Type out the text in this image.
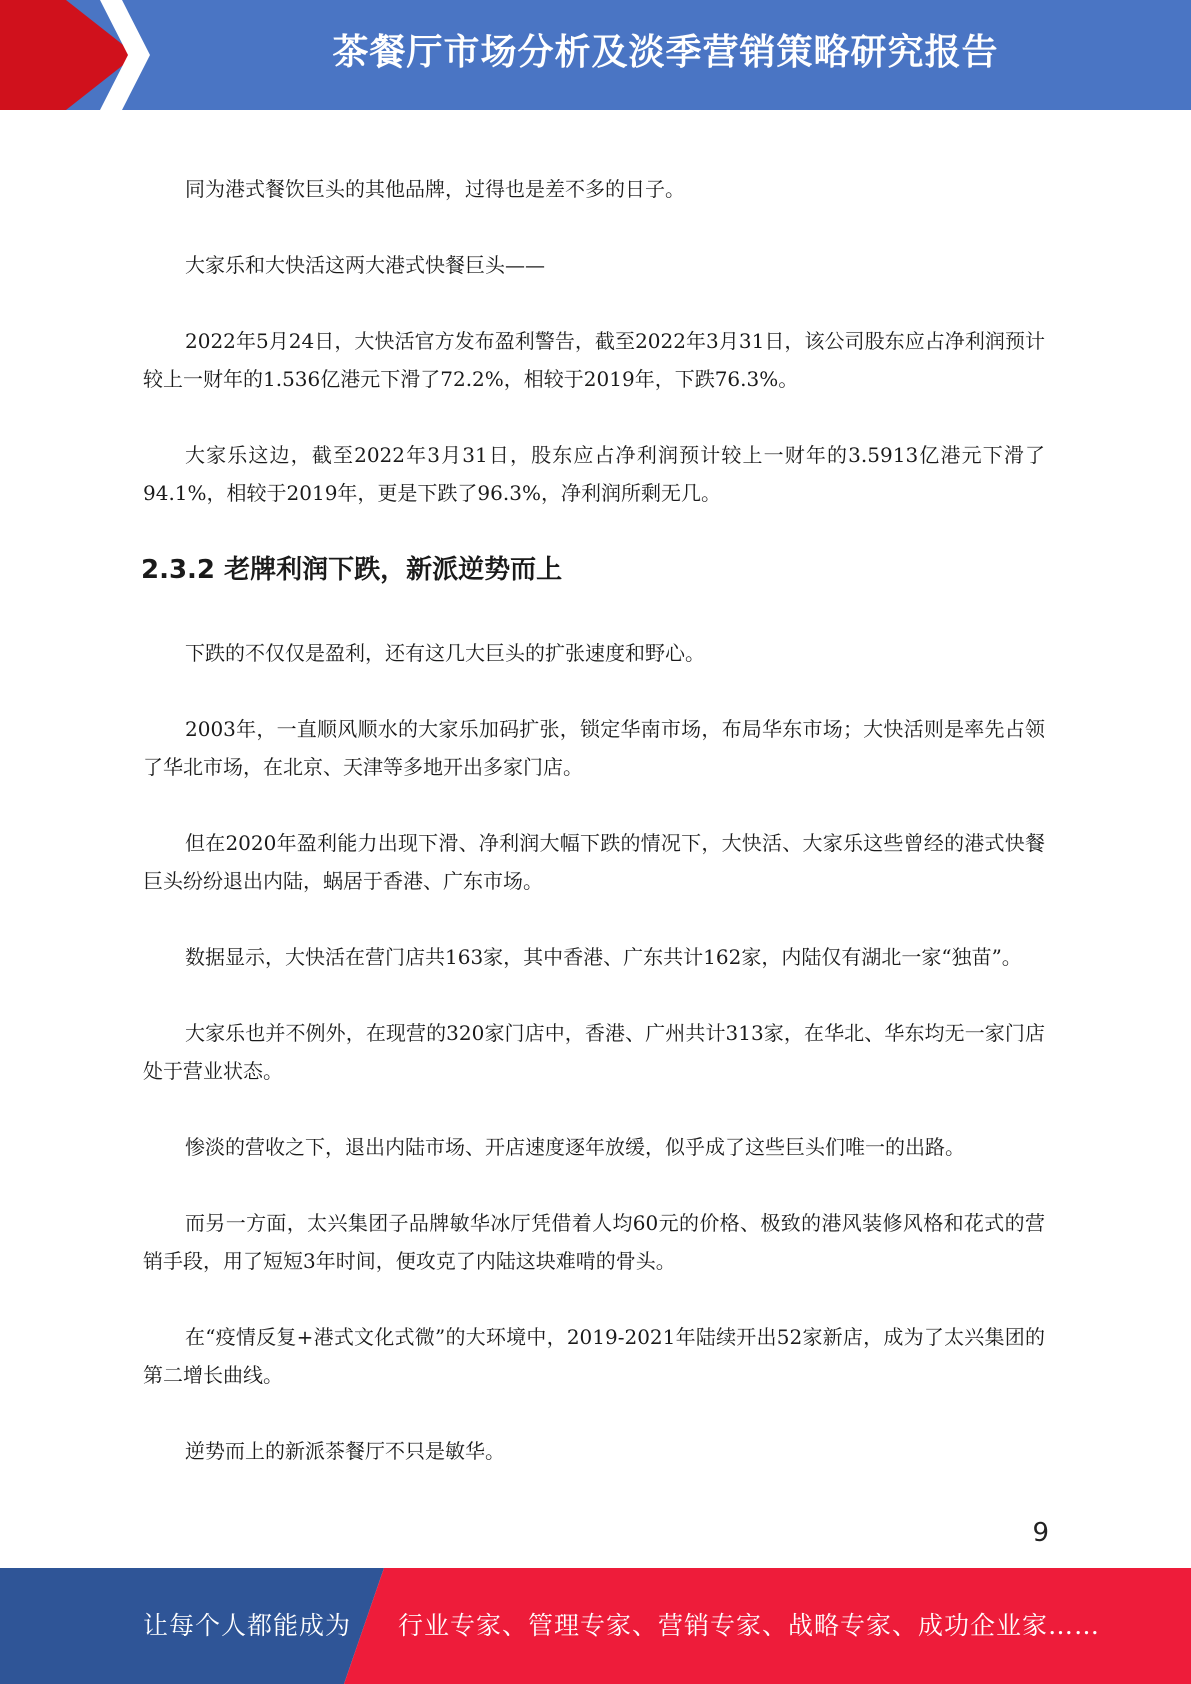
茶餐厅市场分析及淡季营销策略研究报告

同为港式餐饮巨头的其他品牌，过得也是差不多的日子。

大家乐和大快活这两大港式快餐巨头——

2022年5月24日，大快活官方发布盈利警告，截至2022年3月31日，该公司股东应占净利润预计较上一财年的1.536亿港元下滑了72.2%，相较于2019年，下跌76.3%。

大家乐这边，截至2022年3月31日，股东应占净利润预计较上一财年的3.5913亿港元下滑了94.1%，相较于2019年，更是下跌了96.3%，净利润所剩无几。

2.3.2 老牌利润下跌，新派逆势而上

下跌的不仅仅是盈利，还有这几大巨头的扩张速度和野心。

2003年，一直顺风顺水的大家乐加码扩张，锁定华南市场，布局华东市场；大快活则是率先占领了华北市场，在北京、天津等多地开出多家门店。

但在2020年盈利能力出现下滑、净利润大幅下跌的情况下，大快活、大家乐这些曾经的港式快餐巨头纷纷退出内陆，蜗居于香港、广东市场。

数据显示，大快活在营门店共163家，其中香港、广东共计162家，内陆仅有湖北一家“独苗”。

大家乐也并不例外，在现营的320家门店中，香港、广州共计313家，在华北、华东均无一家门店处于营业状态。

惨淡的营收之下，退出内陆市场、开店速度逐年放缓，似乎成了这些巨头们唯一的出路。

而另一方面，太兴集团子品牌敏华冰厅凭借着人均60元的价格、极致的港风装修风格和花式的营销手段，用了短短3年时间，便攻克了内陆这块难啃的骨头。

在“疫情反复+港式文化式微”的大环境中，2019-2021年陆续开出52家新店，成为了太兴集团的第二增长曲线。

逆势而上的新派茶餐厅不只是敏华。

9
让每个人都能成为 行业专家、管理专家、营销专家、战略专家、成功企业家……
